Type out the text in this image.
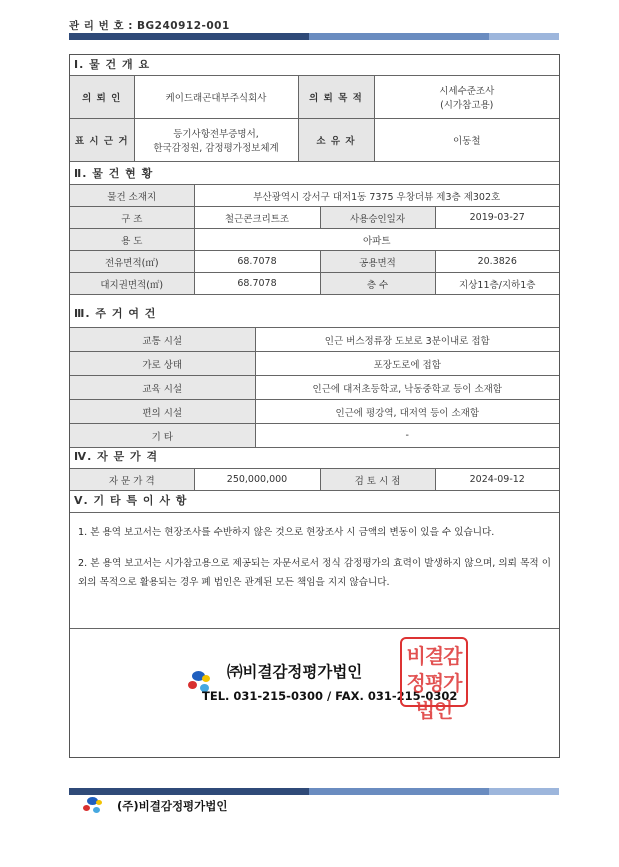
관 리 번 호 : BG240912-001
Ⅰ. 물 건 개 요
의 뢰 인	케이드래곤대부주식회사	의 뢰 목 적	시세수준조사
(시가참고용)

표 시 근 거	등기사항전부증명서,
한국감정원, 감정평가정보체계	소 유 자	이동철
Ⅱ. 물 건 현 황
물건 소재지	부산광역시 강서구 대저1동 7375 우창더뷰 제3층 제302호		
구 조	철근콘크리트조	사용승인일자	2019-03-27
용 도	아파트		
전유면적(㎡)	68.7078	공용면적	20.3826
대지권면적(㎡)	68.7078	층 수	지상11층/지하1층
Ⅲ. 주 거 여 건
교통 시설	인근 버스정류장 도보로 3분이내로 접함
가로 상태	포장도로에 접함
교육 시설	인근에 대저초등학교, 낙동중학교 등이 소재함
편의 시설	인근에 평강역, 대저역 등이 소재함
기 타	-
Ⅳ. 자 문 가 격
자 문 가 격	250,000,000	검 토 시 점	2024-09-12
Ⅴ. 기 타 특 이 사 항

1. 본 용역 보고서는 현장조사를 수반하지 않은 것으로 현장조사 시 금액의 변동이 있을 수 있습니다.

2. 본 용역 보고서는 시가참고용으로 제공되는 자문서로서 정식 감정평가의 효력이 발생하지 않으며, 의뢰 목적 이외의 목적으로 활용되는 경우 폐 법인은 관계된 모든 책임을 지지 않습니다.

㈜비결감정평가법인
TEL. 031-215-0300 / FAX. 031-215-0302
비결감정평가법인
(주)비결감정평가법인
